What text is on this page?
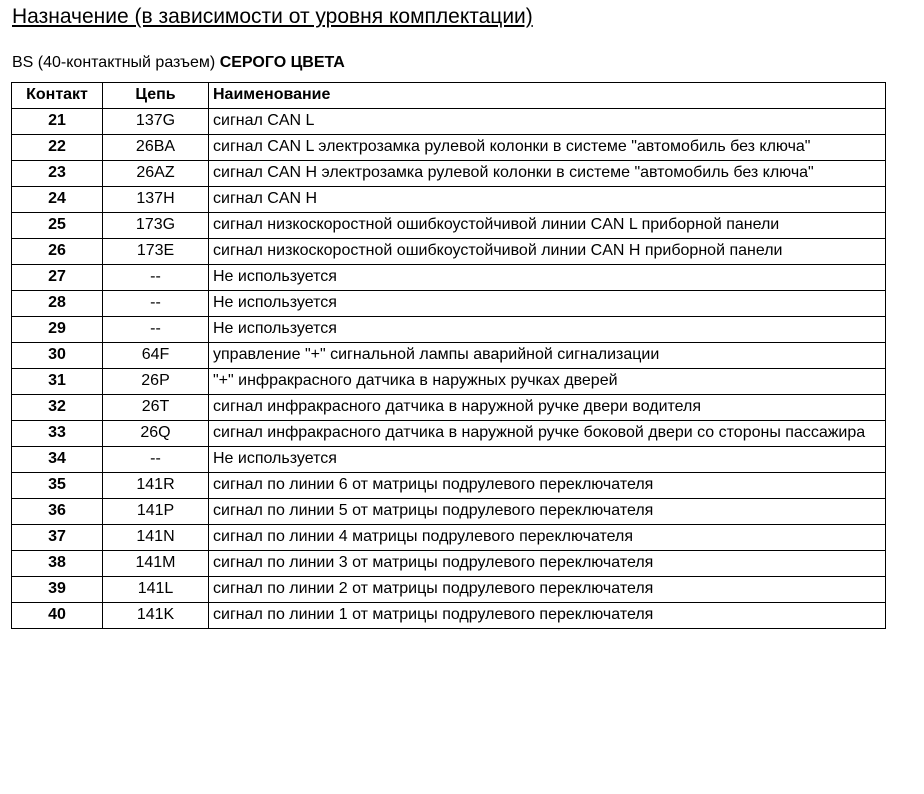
Назначение (в зависимости от уровня комплектации)
BS (40-контактный разъем) СЕРОГО ЦВЕТА
Контакт	Цепь	Наименование
21	137G	сигнал CAN L
22	26BA	сигнал CAN L электрозамка рулевой колонки в системе "автомобиль без ключа"
23	26AZ	сигнал CAN H электрозамка рулевой колонки в системе "автомобиль без ключа"
24	137H	сигнал CAN H
25	173G	сигнал низкоскоростной ошибкоустойчивой линии CAN L приборной панели
26	173E	сигнал низкоскоростной ошибкоустойчивой линии CAN H приборной панели
27	--	Не используется
28	--	Не используется
29	--	Не используется
30	64F	управление "+" сигнальной лампы аварийной сигнализации
31	26P	"+" инфракрасного датчика в наружных ручках дверей
32	26T	сигнал инфракрасного датчика в наружной ручке двери водителя
33	26Q	сигнал инфракрасного датчика в наружной ручке боковой двери со стороны пассажира
34	--	Не используется
35	141R	сигнал по линии 6 от матрицы подрулевого переключателя
36	141P	сигнал по линии 5 от матрицы подрулевого переключателя
37	141N	сигнал по линии 4 матрицы подрулевого переключателя
38	141M	сигнал по линии 3 от матрицы подрулевого переключателя
39	141L	сигнал по линии 2 от матрицы подрулевого переключателя
40	141K	сигнал по линии 1 от матрицы подрулевого переключателя
